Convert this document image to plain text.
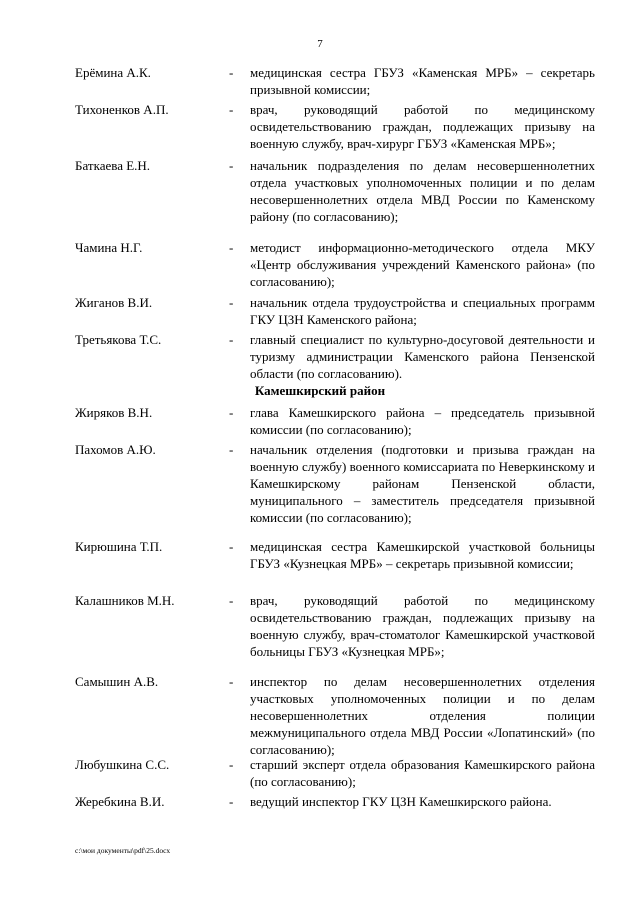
7
Ерёмина А.К.	- медицинская сестра ГБУЗ «Каменская МРБ» – секретарь призывной комиссии;
Тихоненков А.П.	- врач, руководящий работой по медицинскому освидетельствованию граждан, подлежащих призыву на военную службу, врач-хирург ГБУЗ «Каменская МРБ»;
Баткаева Е.Н.	- начальник подразделения по делам несовершеннолетних отдела участковых уполномоченных полиции и по делам несовершеннолетних отдела МВД России по Каменскому району (по согласованию);
Чамина Н.Г.	- методист информационно-методического отдела МКУ «Центр обслуживания учреждений Каменского района» (по согласованию);
Жиганов В.И.	- начальник отдела трудоустройства и специальных программ ГКУ ЦЗН Каменского района;
Третьякова Т.С.	- главный специалист по культурно-досуговой деятельности и туризму администрации Каменского района Пензенской области (по согласованию).
Камешкирский район
Жиряков В.Н.	- глава Камешкирского района – председатель призывной комиссии (по согласованию);
Пахомов А.Ю.	- начальник отделения (подготовки и призыва граждан на военную службу) военного комиссариата по Неверкинскому и Камешкирскому районам Пензенской области, муниципального – заместитель председателя призывной комиссии (по согласованию);
Кирюшина Т.П.	- медицинская сестра Камешкирской участковой больницы ГБУЗ «Кузнецкая МРБ» – секретарь призывной комиссии;
Калашников М.Н.	- врач, руководящий работой по медицинскому освидетельствованию граждан, подлежащих призыву на военную службу, врач-стоматолог Камешкирской участковой больницы ГБУЗ «Кузнецкая МРБ»;
Самышин А.В.	- инспектор по делам несовершеннолетних отделения участковых уполномоченных полиции и по делам несовершеннолетних отделения полиции межмуниципального отдела МВД России «Лопатинский» (по согласованию);
Любушкина С.С.	- старший эксперт отдела образования Камешкирского района (по согласованию);
Жеребкина В.И.	- ведущий инспектор ГКУ ЦЗН Камешкирского района.
c:\мои документы\pdf\25.docx
